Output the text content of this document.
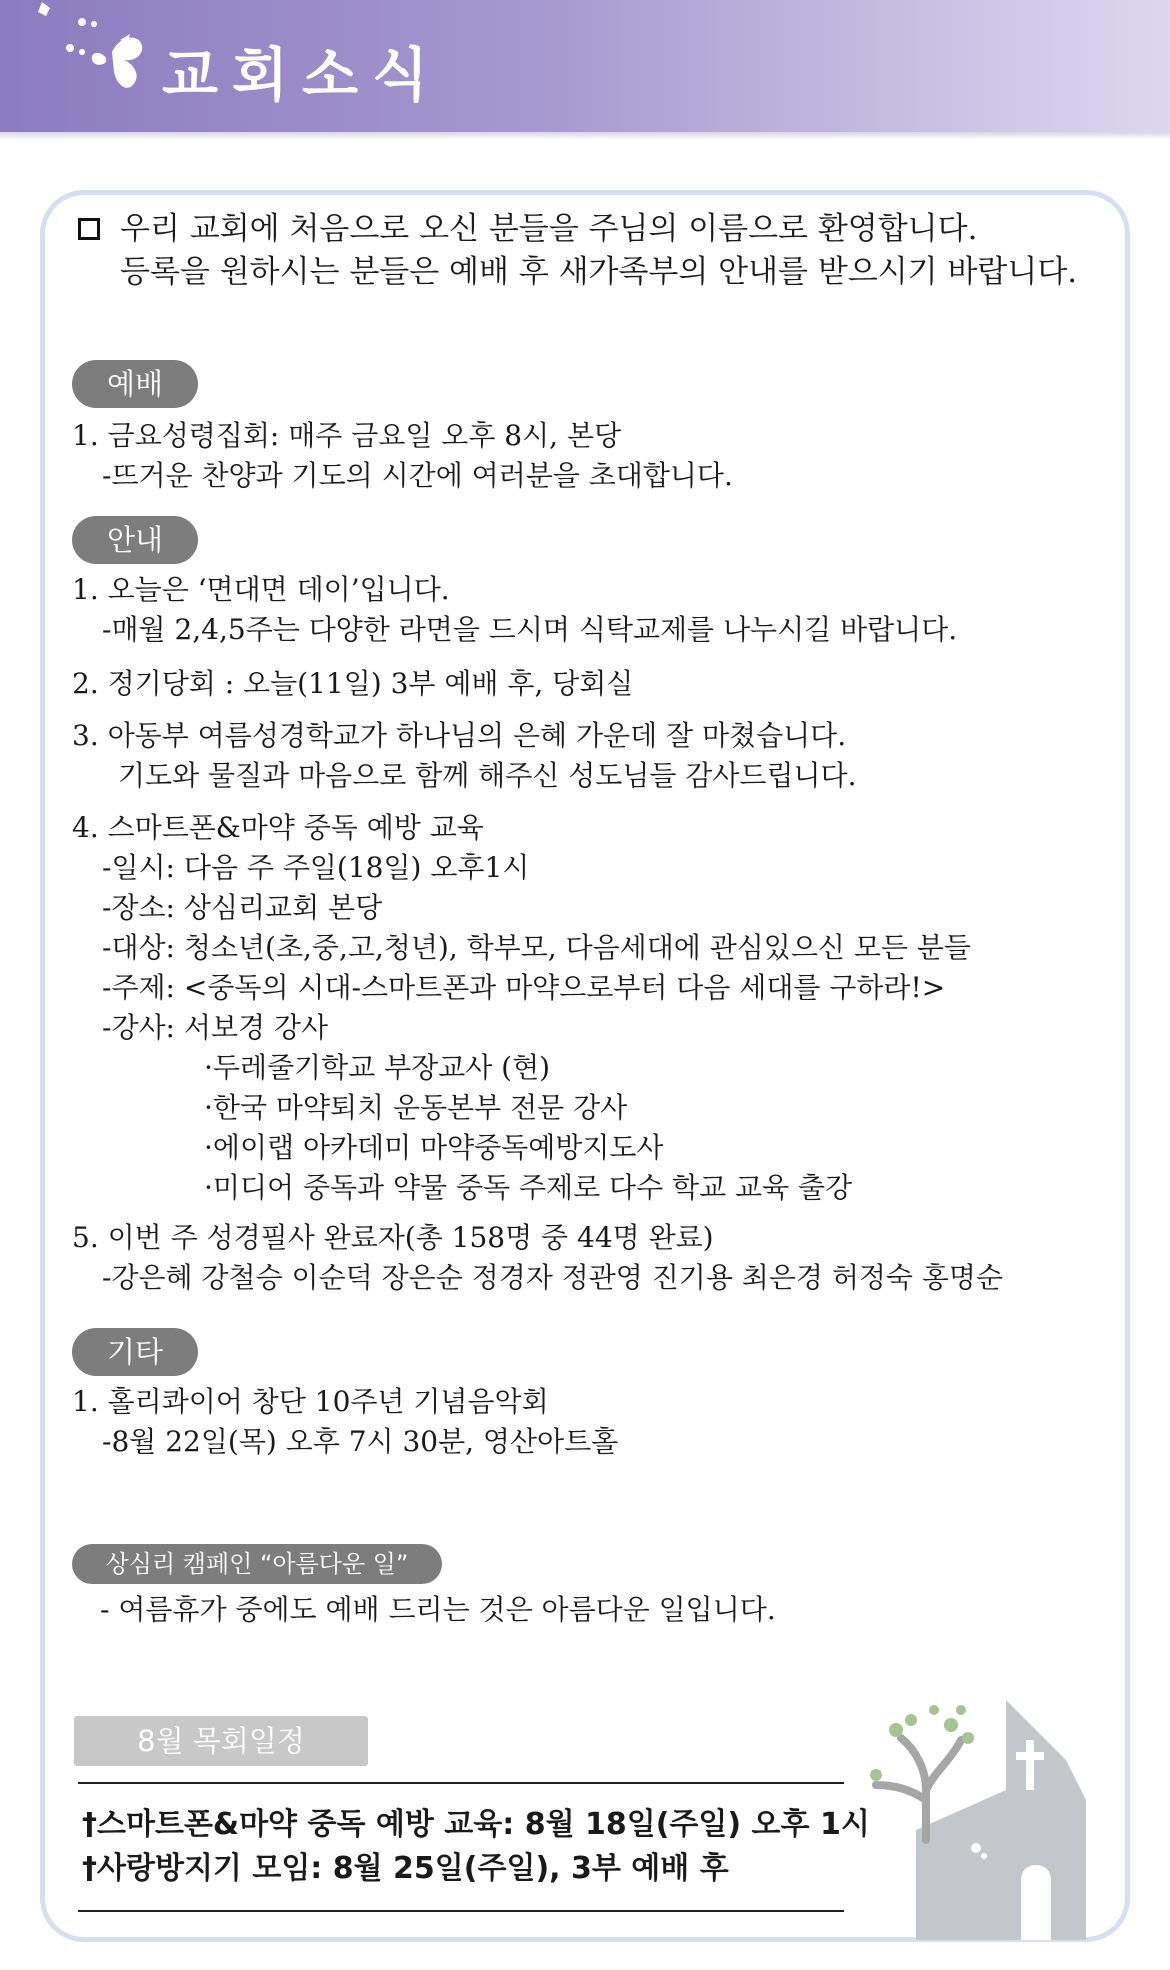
교회소식
우리 교회에 처음으로 오신 분들을 주님의 이름으로 환영합니다.
등록을 원하시는 분들은 예배 후 새가족부의 안내를 받으시기 바랍니다.
예배
1. 금요성령집회: 매주 금요일 오후 8시, 본당
-뜨거운 찬양과 기도의 시간에 여러분을 초대합니다.
안내
1. 오늘은 ‘면대면 데이’입니다.
-매월 2,4,5주는 다양한 라면을 드시며 식탁교제를 나누시길 바랍니다.
2. 정기당회 : 오늘(11일) 3부 예배 후, 당회실
3. 아동부 여름성경학교가 하나님의 은혜 가운데 잘 마쳤습니다.
기도와 물질과 마음으로 함께 해주신 성도님들 감사드립니다.
4. 스마트폰&마약 중독 예방 교육
-일시: 다음 주 주일(18일) 오후1시
-장소: 상심리교회 본당
-대상: 청소년(초,중,고,청년), 학부모, 다음세대에 관심있으신 모든 분들
-주제: <중독의 시대-스마트폰과 마약으로부터 다음 세대를 구하라!>
-강사: 서보경 강사
·두레줄기학교 부장교사 (현)
·한국 마약퇴치 운동본부 전문 강사
·에이랩 아카데미 마약중독예방지도사
·미디어 중독과 약물 중독 주제로 다수 학교 교육 출강
5. 이번 주 성경필사 완료자(총 158명 중 44명 완료)
-강은혜 강철승 이순덕 장은순 정경자 정관영 진기용 최은경 허정숙 홍명순
기타
1. 홀리콰이어 창단 10주년 기념음악회
-8월 22일(목) 오후 7시 30분, 영산아트홀
상심리 캠페인 “아름다운 일”
- 여름휴가 중에도 예배 드리는 것은 아름다운 일입니다.
8월 목회일정
†스마트폰&마약 중독 예방 교육: 8월 18일(주일) 오후 1시
†사랑방지기 모임: 8월 25일(주일), 3부 예배 후
